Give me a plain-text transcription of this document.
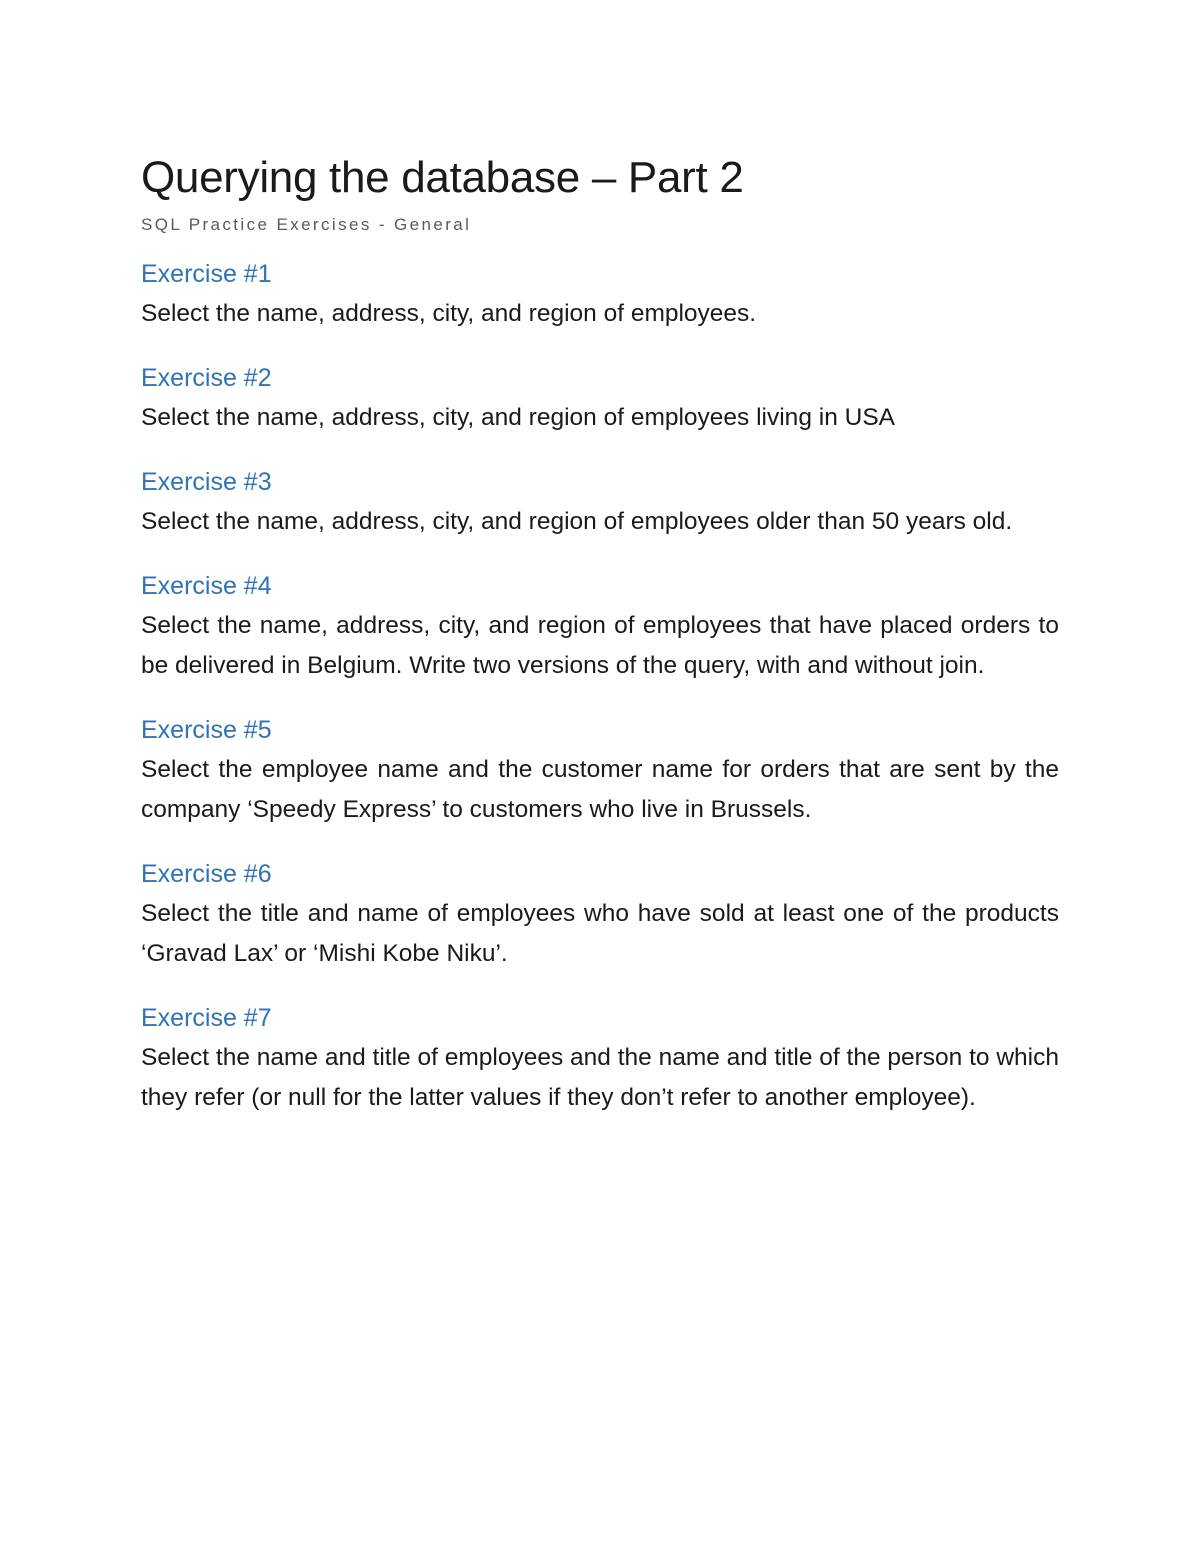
Querying the database – Part 2
SQL Practice Exercises - General
Exercise #1

Select the name, address, city, and region of employees.

Exercise #2

Select the name, address, city, and region of employees living in USA

Exercise #3

Select the name, address, city, and region of employees older than 50 years old.

Exercise #4

Select the name, address, city, and region of employees that have placed orders to be delivered in Belgium. Write two versions of the query, with and without join.

Exercise #5

Select the employee name and the customer name for orders that are sent by the company ‘Speedy Express’ to customers who live in Brussels.

Exercise #6

Select the title and name of employees who have sold at least one of the products ‘Gravad Lax’ or ‘Mishi Kobe Niku’.

Exercise #7

Select the name and title of employees and the name and title of the person to which they refer (or null for the latter values if they don’t refer to another employee).
